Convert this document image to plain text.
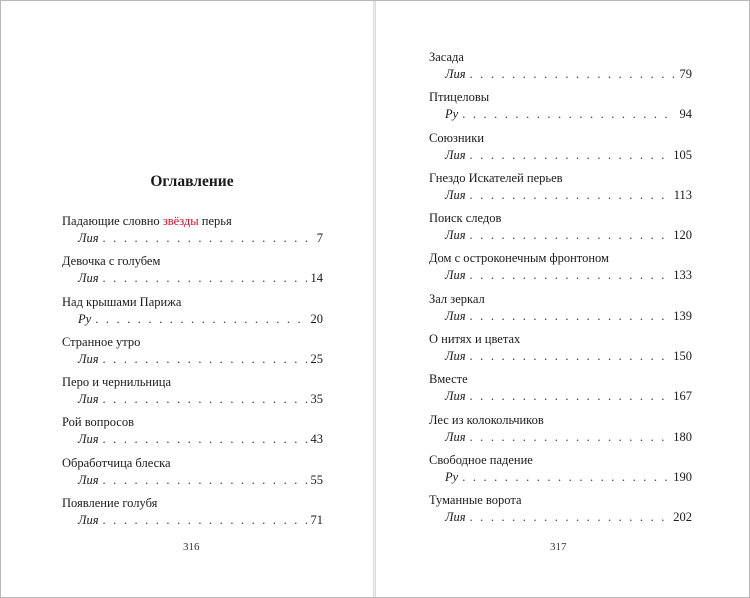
Оглавление
Падающие словно звёзды перья
Лия . . .	7
Девочка с голубем
Лия . . .	14
Над крышами Парижа
Ру . . .	20
Странное утро
Лия . . .	25
Перо и чернильница
Лия . . .	35
Рой вопросов
Лия . . .	43
Обработчица блеска
Лия . . .	55
Появление голубя
Лия . . .	71
316
Засада
Лия . . .	79
Птицеловы
Ру . . .	94
Союзники
Лия . . .	105
Гнездо Искателей перьев
Лия . . .	113
Поиск следов
Лия . . .	120
Дом с остроконечным фронтоном
Лия . . .	133
Зал зеркал
Лия . . .	139
О нитях и цветах
Лия . . .	150
Вместе
Лия . . .	167
Лес из колокольчиков
Лия . . .	180
Свободное падение
Ру . . .	190
Туманные ворота
Лия . . .	202
317
